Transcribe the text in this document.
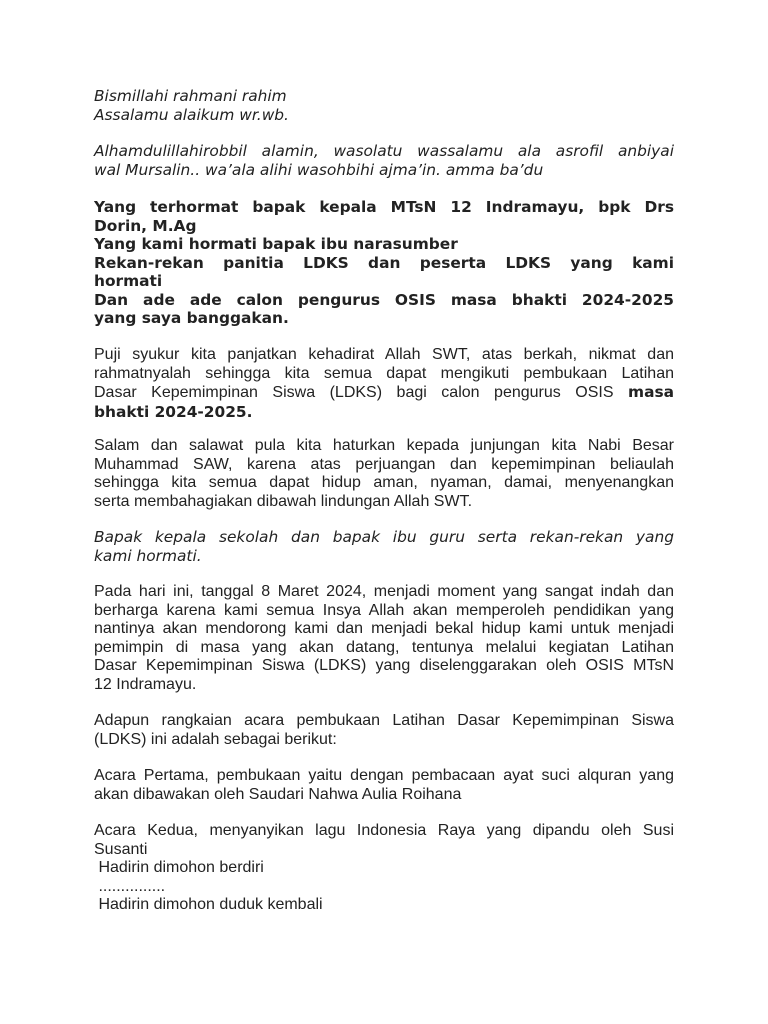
Bismillahi rahmani rahim
Assalamu alaikum wr.wb.
Alhamdulillahirobbil alamin, wasolatu wassalamu ala asrofil anbiyai
wal Mursalin.. wa’ala alihi wasohbihi ajma’in. amma ba’du
Yang terhormat bapak kepala MTsN 12 Indramayu, bpk Drs
Dorin, M.Ag
Yang kami hormati bapak ibu narasumber
Rekan-rekan panitia LDKS dan peserta LDKS yang kami
hormati
Dan ade ade calon pengurus OSIS masa bhakti 2024-2025
yang saya banggakan.
Puji syukur kita panjatkan kehadirat Allah SWT, atas berkah, nikmat dan
rahmatnyalah sehingga kita semua dapat mengikuti pembukaan Latihan
Dasar Kepemimpinan Siswa (LDKS) bagi calon pengurus OSIS masa
bhakti 2024-2025.
Salam dan salawat pula kita haturkan kepada junjungan kita Nabi Besar
Muhammad SAW, karena atas perjuangan dan kepemimpinan beliaulah
sehingga kita semua dapat hidup aman, nyaman, damai, menyenangkan
serta membahagiakan dibawah lindungan Allah SWT.
Bapak kepala sekolah dan bapak ibu guru serta rekan-rekan yang
kami hormati.
Pada hari ini, tanggal 8 Maret 2024, menjadi moment yang sangat indah dan
berharga karena kami semua Insya Allah akan memperoleh pendidikan yang
nantinya akan mendorong kami dan menjadi bekal hidup kami untuk menjadi
pemimpin di masa yang akan datang, tentunya melalui kegiatan Latihan
Dasar Kepemimpinan Siswa (LDKS) yang diselenggarakan oleh OSIS MTsN
12 Indramayu.
Adapun rangkaian acara pembukaan Latihan Dasar Kepemimpinan Siswa
(LDKS) ini adalah sebagai berikut:
Acara Pertama, pembukaan yaitu dengan pembacaan ayat suci alquran yang
akan dibawakan oleh Saudari Nahwa Aulia Roihana
Acara Kedua, menyanyikan lagu Indonesia Raya yang dipandu oleh Susi
Susanti
Hadirin dimohon berdiri
...............
Hadirin dimohon duduk kembali
